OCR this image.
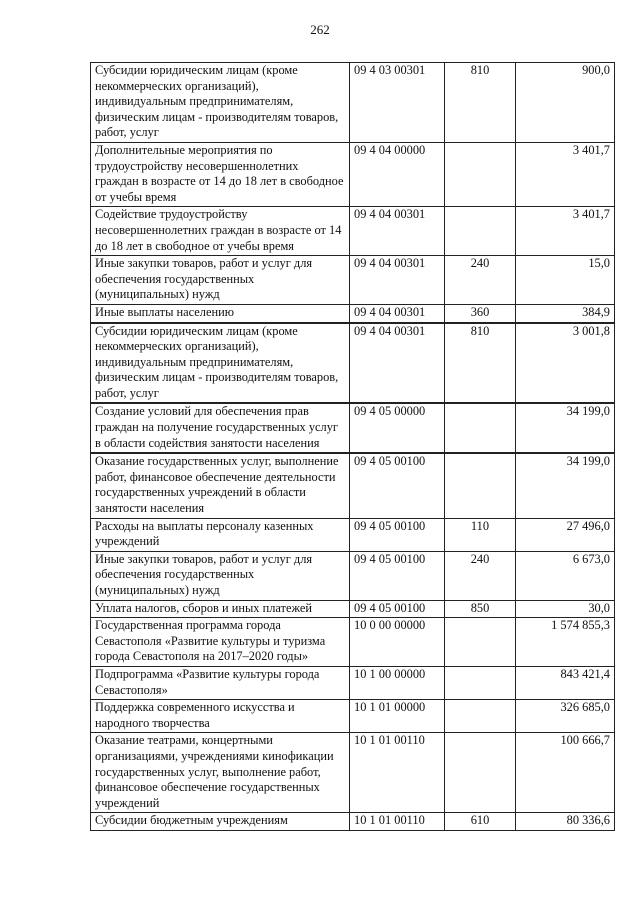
262
Субсидии юридическим лицам (кроме некоммерческих организаций), индивидуальным предпринимателям, физическим лицам - производителям товаров, работ, услуг	09 4 03 00301	810	900,0
Дополнительные мероприятия по трудоустройству несовершеннолетних граждан в возрасте от 14 до 18 лет в свободное от учебы время	09 4 04 00000		3 401,7
Содействие трудоустройству несовершеннолетних граждан в возрасте от 14 до 18 лет в свободное от учебы время	09 4 04 00301		3 401,7
Иные закупки товаров, работ и услуг для обеспечения государственных (муниципальных) нужд	09 4 04 00301	240	15,0
Иные выплаты населению	09 4 04 00301	360	384,9
Субсидии юридическим лицам (кроме некоммерческих организаций), индивидуальным предпринимателям, физическим лицам - производителям товаров, работ, услуг	09 4 04 00301	810	3 001,8
Создание условий для обеспечения прав граждан на получение государственных услуг в области содействия занятости населения	09 4 05 00000		34 199,0
Оказание государственных услуг, выполнение работ, финансовое обеспечение деятельности государственных учреждений в области занятости населения	09 4 05 00100		34 199,0
Расходы на выплаты персоналу казенных учреждений	09 4 05 00100	110	27 496,0
Иные закупки товаров, работ и услуг для обеспечения государственных (муниципальных) нужд	09 4 05 00100	240	6 673,0
Уплата налогов, сборов и иных платежей	09 4 05 00100	850	30,0
Государственная программа города Севастополя «Развитие культуры и туризма города Севастополя на 2017–2020 годы»	10 0 00 00000		1 574 855,3
Подпрограмма «Развитие культуры города Севастополя»	10 1 00 00000		843 421,4
Поддержка современного искусства и народного творчества	10 1 01 00000		326 685,0
Оказание театрами, концертными организациями, учреждениями кинофикации государственных услуг, выполнение работ, финансовое обеспечение государственных учреждений	10 1 01 00110		100 666,7
Субсидии бюджетным учреждениям	10 1 01 00110	610	80 336,6
